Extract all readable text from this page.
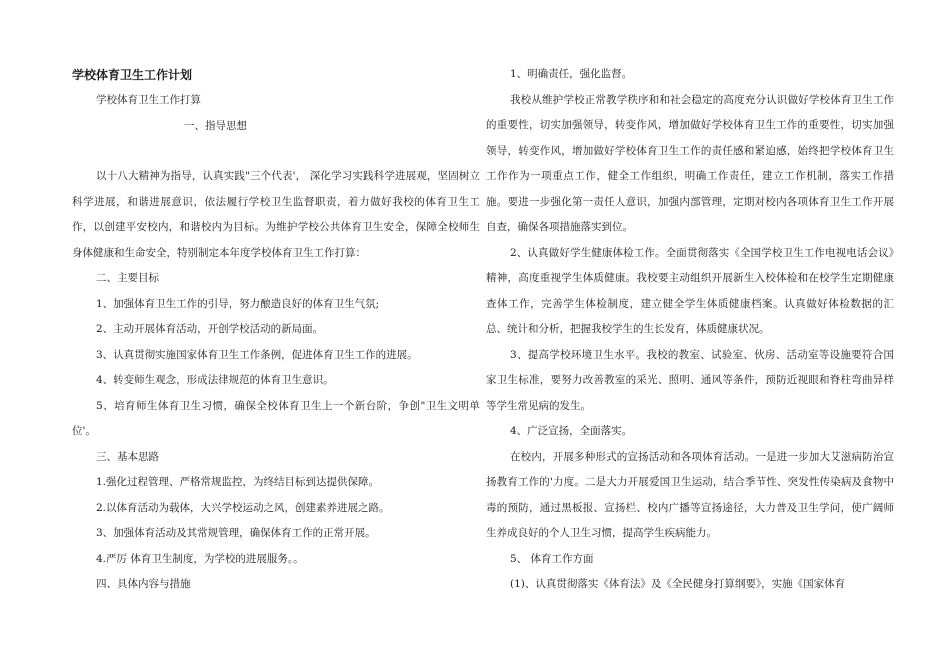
学校体育卫生工作计划

学校体育卫生工作打算

一、指导思想

以十八大精神为指导，认真实践"三个代表'， 深化学习实践科学进展观，坚固树立科学进展，和谐进展意识，依法履行学校卫生监督职责，着力做好我校的体育卫生工作，以创建平安校内，和谐校内为目标。为维护学校公共体育卫生安全，保障全校师生身体健康和生命安全，特别制定本年度学校体育卫生工作打算：

二、主要目标

1、加强体育卫生工作的引导，努力酿造良好的体育卫生气氛;

2、主动开展体育活动，开创学校活动的新局面。

3、认真贯彻实施国家体育卫生工作条例，促进体育卫生工作的进展。

4、转变师生观念，形成法律规范的体育卫生意识。

5、培育师生体育卫生习惯，确保全校体育卫生上一个新台阶，争创"卫生文明单位'。

三、基本思路

1.强化过程管理、严格常规监控，为终结目标到达提供保障。

2.以体育活动为载体，大兴学校运动之风，创建素养进展之路。

3、加强体育活动及其常规管理，确保体育工作的正常开展。

4.严厉 体育卫生制度，为学校的进展服务。。

四、具体内容与措施

1、明确责任，强化监督。

我校从维护学校正常教学秩序和和社会稳定的高度充分认识做好学校体育卫生工作的重要性，切实加强领导，转变作风，增加做好学校体育卫生工作的重要性，切实加强领导，转变作风，增加做好学校体育卫生工作的责任感和紧迫感，始终把学校体育卫生工作作为一项重点工作，健全工作组织，明确工作责任，建立工作机制，落实工作措施。要进一步强化第一责任人意识，加强内部管理，定期对校内各项体育卫生工作开展自查，确保各项措施落实到位。

2、认真做好学生健康体检工作。全面贯彻落实《全国学校卫生工作电视电话会议》精神，高度重视学生体质健康。我校要主动组织开展新生入校体检和在校学生定期健康查体工作，完善学生体检制度，建立健全学生体质健康档案。认真做好体检数据的汇总、统计和分析，把握我校学生的生长发育，体质健康状况。

3、提高学校环境卫生水平。我校的教室、试验室、伙房、活动室等设施要符合国家卫生标准，要努力改善教室的采光、照明、通风等条件，预防近视眼和脊柱弯曲异样等学生常见病的发生。

4、广泛宣扬，全面落实。

在校内，开展多种形式的宣扬活动和各项体育活动。一是进一步加大艾滋病防治宣扬教育工作的'力度。二是大力开展爱国卫生运动，结合季节性、突发性传染病及食物中毒的预防，通过黑板报、宣扬栏、校内广播等宣扬途径，大力普及卫生学问，使广阔师生养成良好的个人卫生习惯，提高学生疾病能力。

5、 体育工作方面

(1)、认真贯彻落实《体育法》及《全民健身打算纲要》，实施《国家体育
